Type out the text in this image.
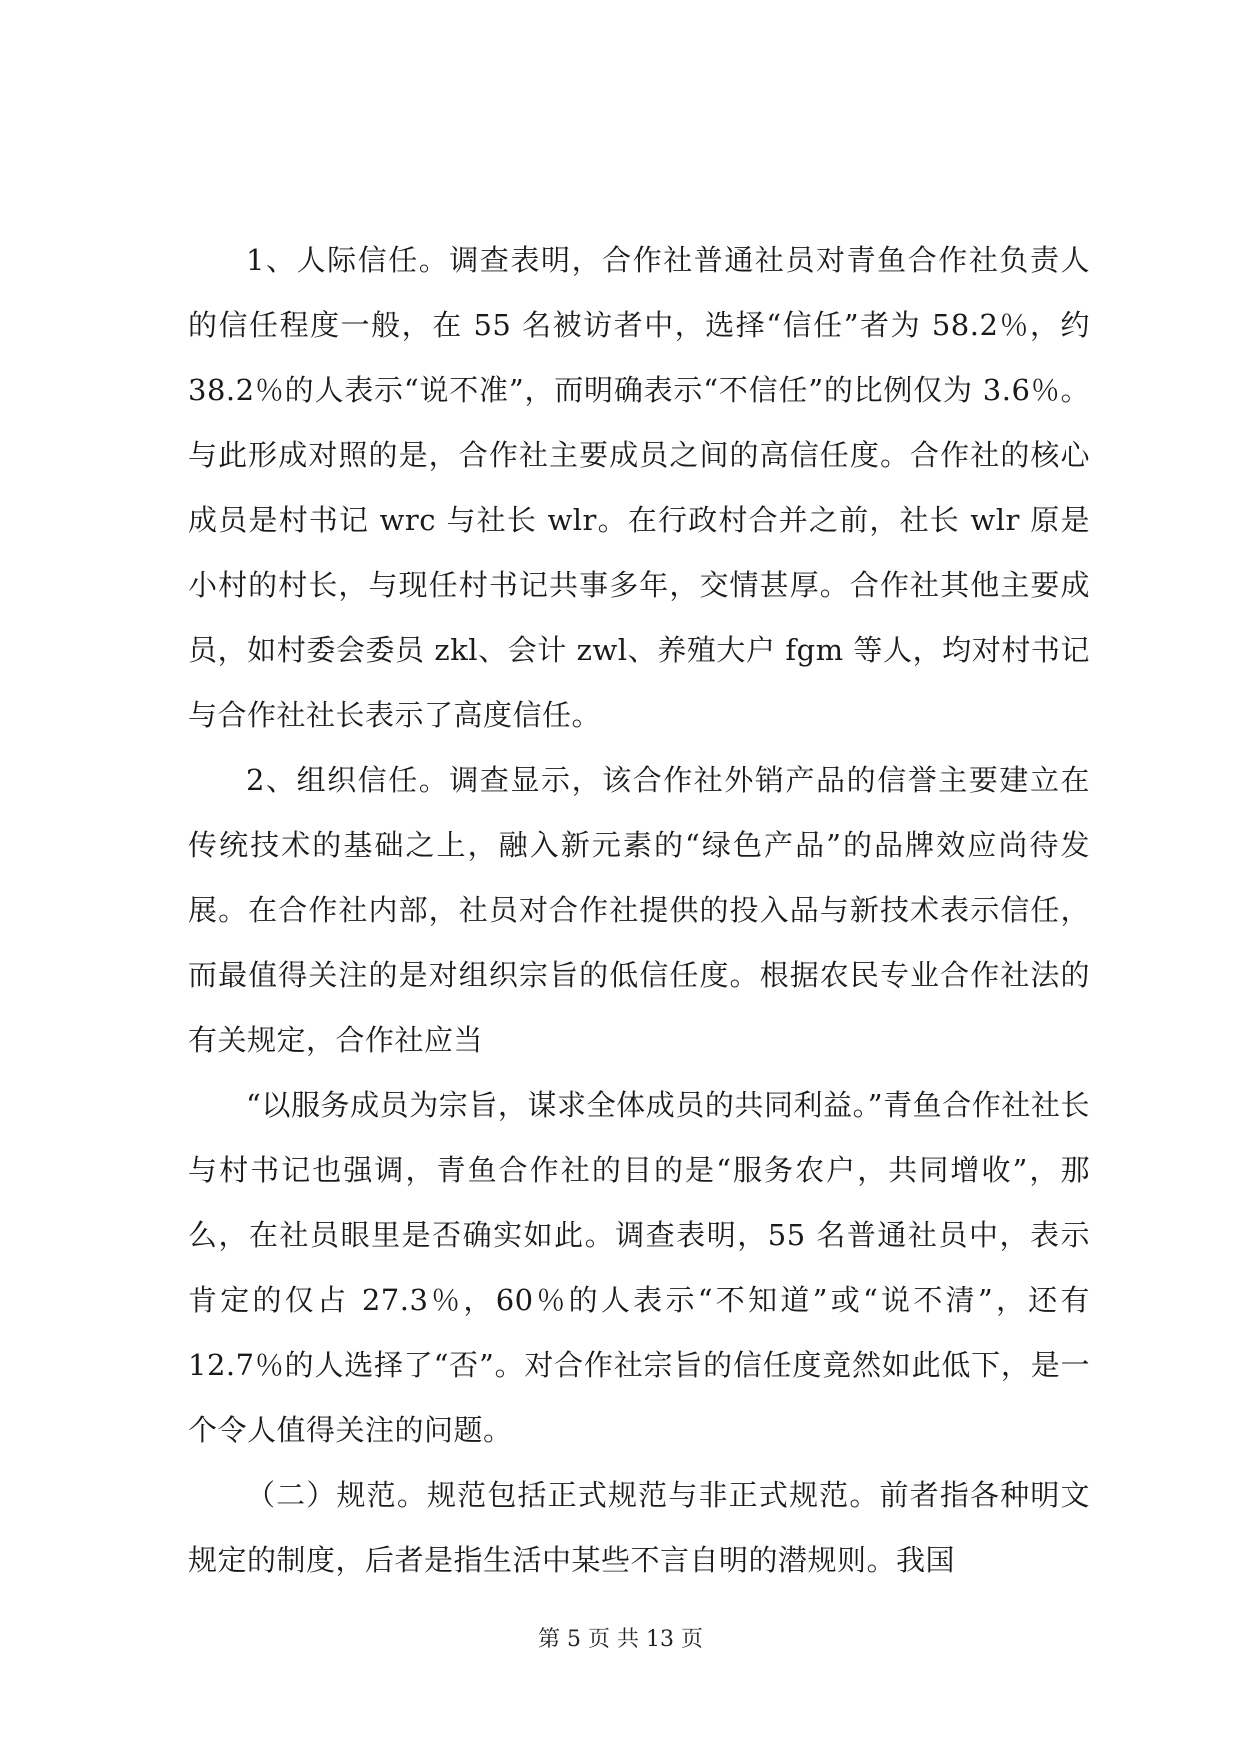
1、人际信任。调查表明，合作社普通社员对青鱼合作社负责人的信任程度一般，在 55 名被访者中，选择“信任”者为 58.2％，约 38.2％的人表示“说不准”，而明确表示“不信任”的比例仅为 3.6％。与此形成对照的是，合作社主要成员之间的高信任度。合作社的核心成员是村书记 wrc 与社长 wlr。在行政村合并之前，社长 wlr 原是小村的村长，与现任村书记共事多年，交情甚厚。合作社其他主要成员，如村委会委员 zkl、会计 zwl、养殖大户 fgm 等人，均对村书记与合作社社长表示了高度信任。

2、组织信任。调查显示，该合作社外销产品的信誉主要建立在传统技术的基础之上，融入新元素的“绿色产品”的品牌效应尚待发展。在合作社内部，社员对合作社提供的投入品与新技术表示信任，而最值得关注的是对组织宗旨的低信任度。根据农民专业合作社法的有关规定，合作社应当

“以服务成员为宗旨，谋求全体成员的共同利益。”青鱼合作社社长与村书记也强调，青鱼合作社的目的是“服务农户，共同增收”，那么，在社员眼里是否确实如此。调查表明，55 名普通社员中，表示肯定的仅占 27.3％，60％的人表示“不知道”或“说不清”，还有 12.7％的人选择了“否”。对合作社宗旨的信任度竟然如此低下，是一个令人值得关注的问题。

（二）规范。规范包括正式规范与非正式规范。前者指各种明文规定的制度，后者是指生活中某些不言自明的潜规则。我国

第 5 页 共 13 页
